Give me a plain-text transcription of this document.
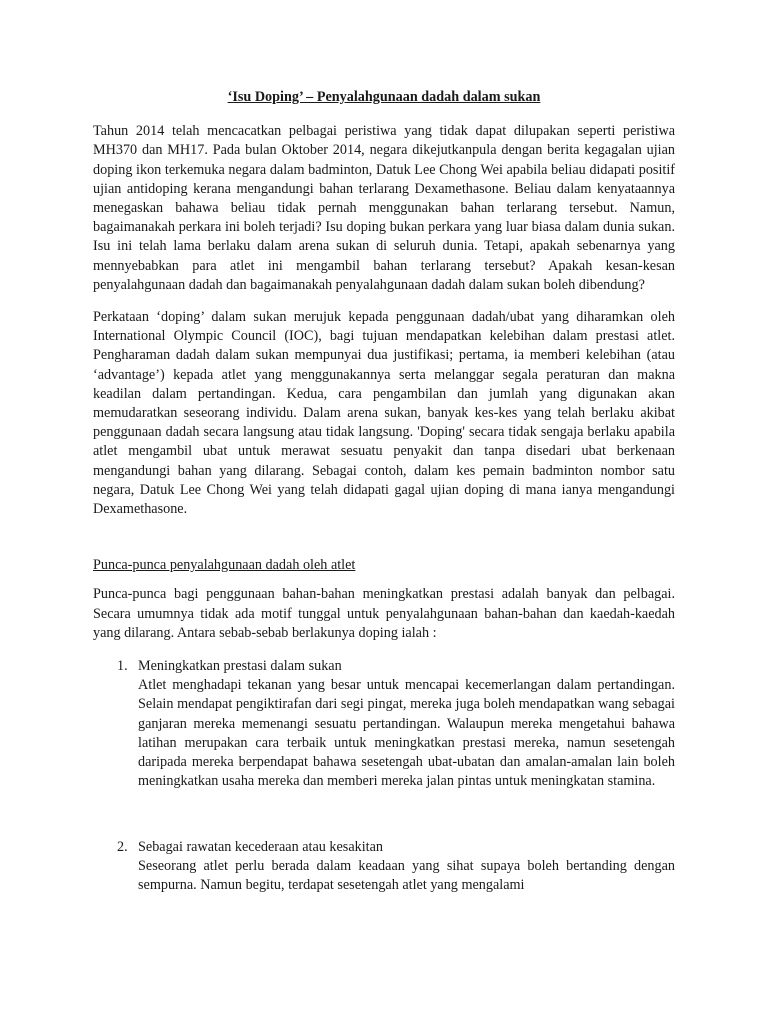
‘Isu Doping’ – Penyalahgunaan dadah dalam sukan

Tahun 2014 telah mencacatkan pelbagai peristiwa yang tidak dapat dilupakan seperti peristiwa MH370 dan MH17. Pada bulan Oktober 2014, negara dikejutkanpula dengan berita kegagalan ujian doping ikon terkemuka negara dalam badminton, Datuk Lee Chong Wei apabila beliau didapati positif ujian antidoping kerana mengandungi bahan terlarang Dexamethasone. Beliau dalam kenyataannya menegaskan bahawa beliau tidak pernah menggunakan bahan terlarang tersebut. Namun, bagaimanakah perkara ini boleh terjadi? Isu doping bukan perkara yang luar biasa dalam dunia sukan. Isu ini telah lama berlaku dalam arena sukan di seluruh dunia. Tetapi, apakah sebenarnya yang mennyebabkan para atlet ini mengambil bahan terlarang tersebut? Apakah kesan-kesan penyalahgunaan dadah dan bagaimanakah penyalahgunaan dadah dalam sukan boleh dibendung?

Perkataan ‘doping’ dalam sukan merujuk kepada penggunaan dadah/ubat yang diharamkan oleh International Olympic Council (IOC), bagi tujuan mendapatkan kelebihan dalam prestasi atlet. Pengharaman dadah dalam sukan mempunyai dua justifikasi; pertama, ia memberi kelebihan (atau ‘advantage’) kepada atlet yang menggunakannya serta melanggar segala peraturan dan makna keadilan dalam pertandingan. Kedua, cara pengambilan dan jumlah yang digunakan akan memudaratkan seseorang individu. Dalam arena sukan, banyak kes-kes yang telah berlaku akibat penggunaan dadah secara langsung atau tidak langsung. 'Doping' secara tidak sengaja berlaku apabila atlet mengambil ubat untuk merawat sesuatu penyakit dan tanpa disedari ubat berkenaan mengandungi bahan yang dilarang. Sebagai contoh, dalam kes pemain badminton nombor satu negara, Datuk Lee Chong Wei yang telah didapati gagal ujian doping di mana ianya mengandungi Dexamethasone.

Punca-punca penyalahgunaan dadah oleh atlet

Punca-punca bagi penggunaan bahan-bahan meningkatkan prestasi adalah banyak dan pelbagai. Secara umumnya tidak ada motif tunggal untuk penyalahgunaan bahan-bahan dan kaedah-kaedah yang dilarang. Antara sebab-sebab berlakunya doping ialah :

1. Meningkatkan prestasi dalam sukan
Atlet menghadapi tekanan yang besar untuk mencapai kecemerlangan dalam pertandingan. Selain mendapat pengiktirafan dari segi pingat, mereka juga boleh mendapatkan wang sebagai ganjaran mereka memenangi sesuatu pertandingan. Walaupun mereka mengetahui bahawa latihan merupakan cara terbaik untuk meningkatkan prestasi mereka, namun sesetengah daripada mereka berpendapat bahawa sesetengah ubat-ubatan dan amalan-amalan lain boleh meningkatkan usaha mereka dan memberi mereka jalan pintas untuk meningkatan stamina.
2. Sebagai rawatan kecederaan atau kesakitan
Seseorang atlet perlu berada dalam keadaan yang sihat supaya boleh bertanding dengan sempurna. Namun begitu, terdapat sesetengah atlet yang mengalami
